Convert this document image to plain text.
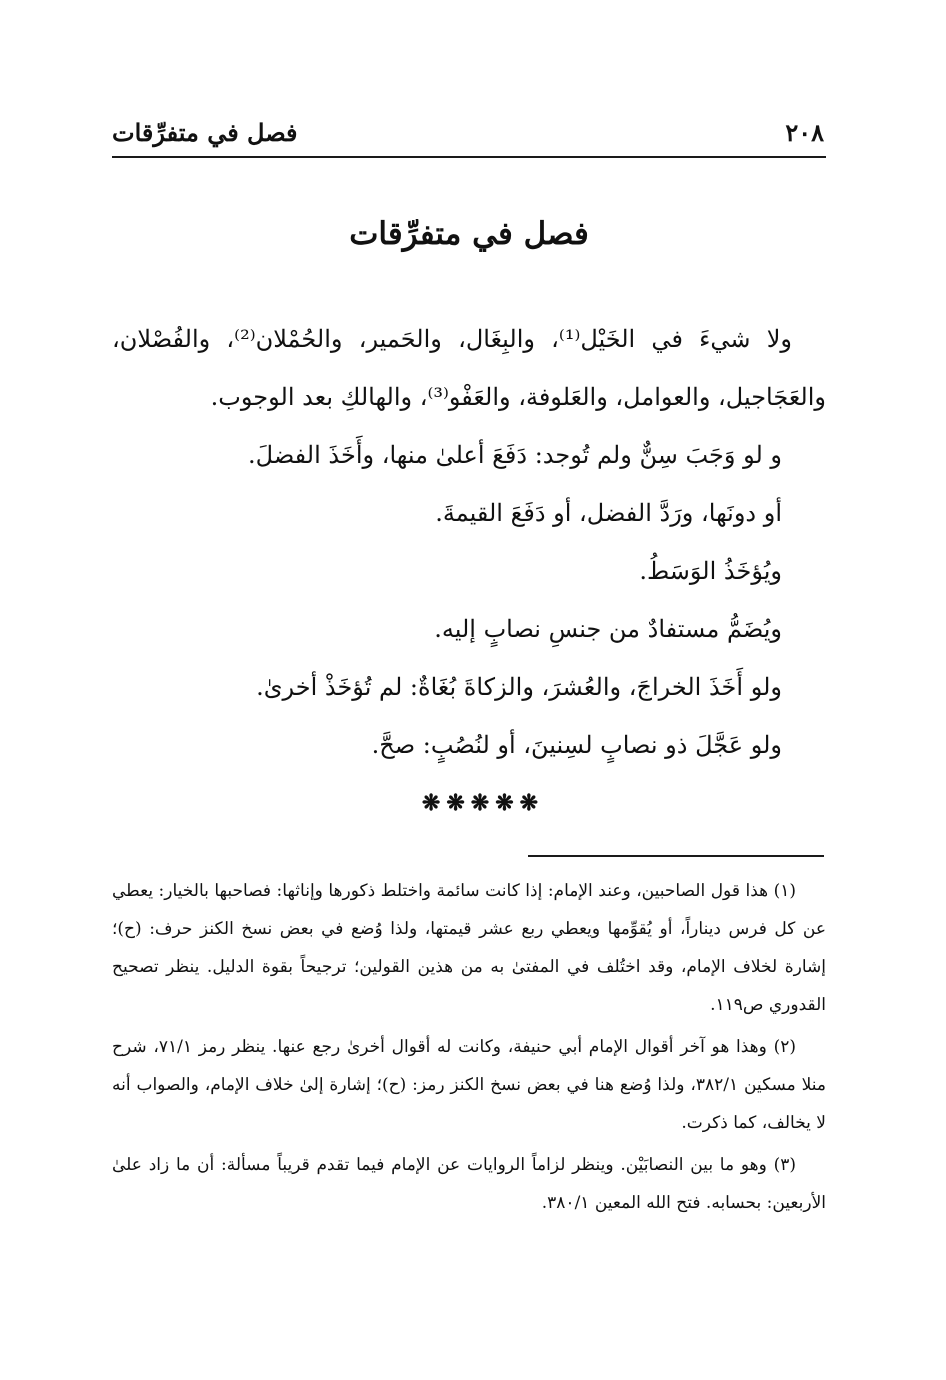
٢٠٨
فصل في متفرِّقات
فصل في متفرِّقات

ولا شيءَ في الخَيْل⁽¹⁾، والبِغَال، والحَمير، والحُمْلان⁽²⁾، والفُصْلان، والعَجَاجيل، والعوامل، والعَلوفة، والعَفْو⁽³⁾، والهالكِ بعد الوجوب.

و لو وَجَبَ سِنٌّ ولم تُوجد: دَفَعَ أعلىٰ منها، وأَخَذَ الفضلَ.

أو دونَها، ورَدَّ الفضل، أو دَفَعَ القيمةَ.

ويُؤخَذُ الوَسَطُ.

ويُضَمُّ مستفادٌ من جنسِ نصابٍ إليه.

ولو أَخَذَ الخراجَ، والعُشرَ، والزكاةَ بُغَاةٌ: لم تُؤخَذْ أخرىٰ.

ولو عَجَّلَ ذو نصابٍ لسِنينَ، أو لنُصُبٍ: صحَّ.

❋❋❋❋❋

(١) هذا قول الصاحبين، وعند الإمام: إذا كانت سائمة واختلط ذكورها وإناثها: فصاحبها بالخيار: يعطي عن كل فرس ديناراً، أو يُقوِّمها ويعطي ربع عشر قيمتها، ولذا وُضع في بعض نسخ الكنز حرف: (ح)؛ إشارة لخلاف الإمام، وقد اختُلف في المفتىٰ به من هذين القولين؛ ترجيحاً بقوة الدليل. ينظر تصحيح القدوري ص١١٩.

(٢) وهذا هو آخر أقوال الإمام أبي حنيفة، وكانت له أقوال أخرىٰ رجع عنها. ينظر رمز ٧١/١، شرح منلا مسكين ٣٨٢/١، ولذا وُضع هنا في بعض نسخ الكنز رمز: (ح)؛ إشارة إلىٰ خلاف الإمام، والصواب أنه لا يخالف، كما ذكرت.

(٣) وهو ما بين النصابَيْن. وينظر لزاماً الروايات عن الإمام فيما تقدم قريباً مسألة: أن ما زاد علىٰ الأربعين: بحسابه. فتح الله المعين ٣٨٠/١.
